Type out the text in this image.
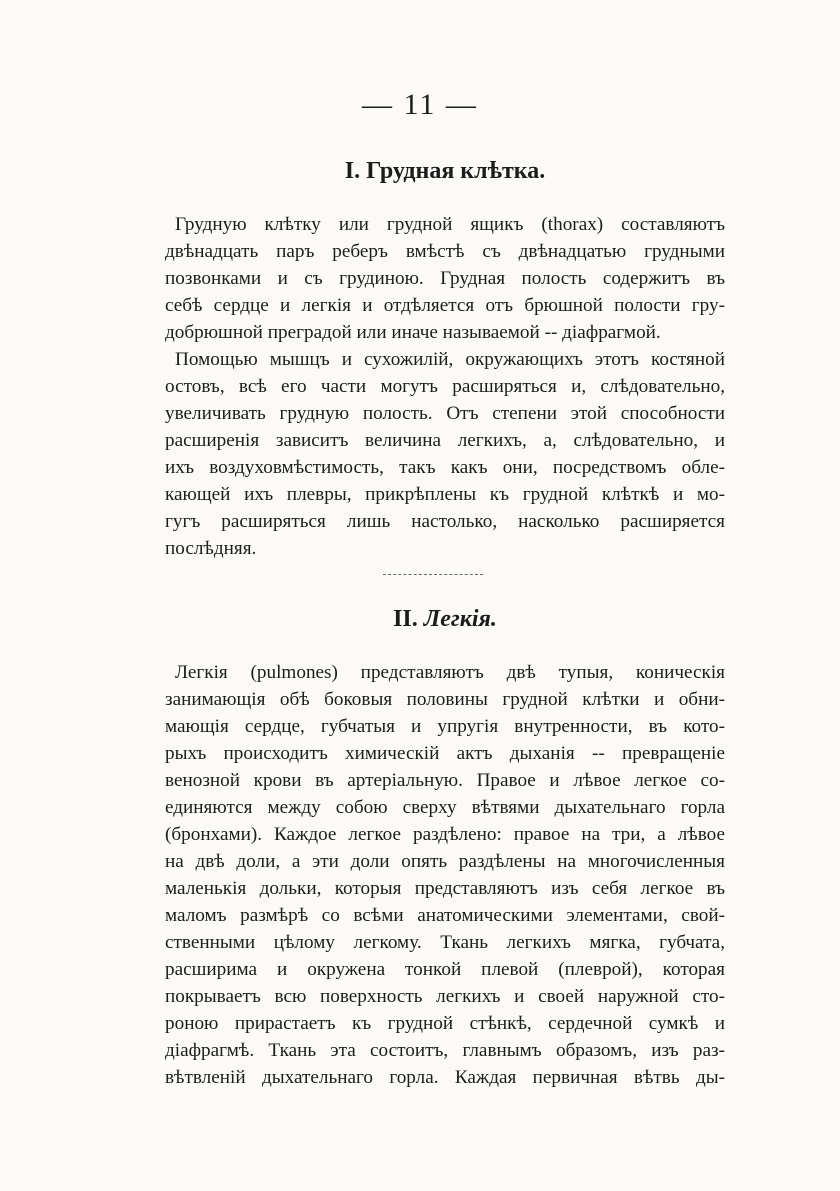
— 11 —
I. Грудная клѣтка.

Грудную клѣтку или грудной ящикъ (thorax) составляютъ
двѣнадцать паръ реберъ вмѣстѣ съ двѣнадцатью грудными
позвонками и съ грудиною. Грудная полость содержитъ въ
себѣ сердце и легкія и отдѣляется отъ брюшной полости гру-
добрюшной преградой или иначе называемой -- діафрагмой.

Помощью мышцъ и сухожилій, окружающихъ этотъ костяной
остовъ, всѣ его части могутъ расширяться и, слѣдовательно,
увеличивать грудную полость. Отъ степени этой способности
расширенія зависитъ величина легкихъ, а, слѣдовательно, и
ихъ воздуховмѣстимость, такъ какъ они, посредствомъ обле-
кающей ихъ плевры, прикрѣплены къ грудной клѣткѣ и мо-
гугъ расширяться лишь настолько, насколько расширяется
послѣдняя.

II. Легкія.

Легкія (pulmones) представляютъ двѣ тупыя, коническія
занимающія обѣ боковыя половины грудной клѣтки и обни-
мающія сердце, губчатыя и упругія внутренности, въ кото-
рыхъ происходитъ химическій актъ дыханія -- превращеніе
венозной крови въ артеріальную. Правое и лѣвое легкое со-
единяются между собою сверху вѣтвями дыхательнаго горла
(бронхами). Каждое легкое раздѣлено: правое на три, а лѣвое
на двѣ доли, а эти доли опять раздѣлены на многочисленныя
маленькія дольки, которыя представляютъ изъ себя легкое въ
маломъ размѣрѣ со всѣми анатомическими элементами, свой-
ственными цѣлому легкому. Ткань легкихъ мягка, губчата,
расширима и окружена тонкой плевой (плеврой), которая
покрываетъ всю поверхность легкихъ и своей наружной сто-
роною прирастаетъ къ грудной стѣнкѣ, сердечной сумкѣ и
діафрагмѣ. Ткань эта состоитъ, главнымъ образомъ, изъ раз-
вѣтвленій дыхательнаго горла. Каждая первичная вѣтвь ды-
